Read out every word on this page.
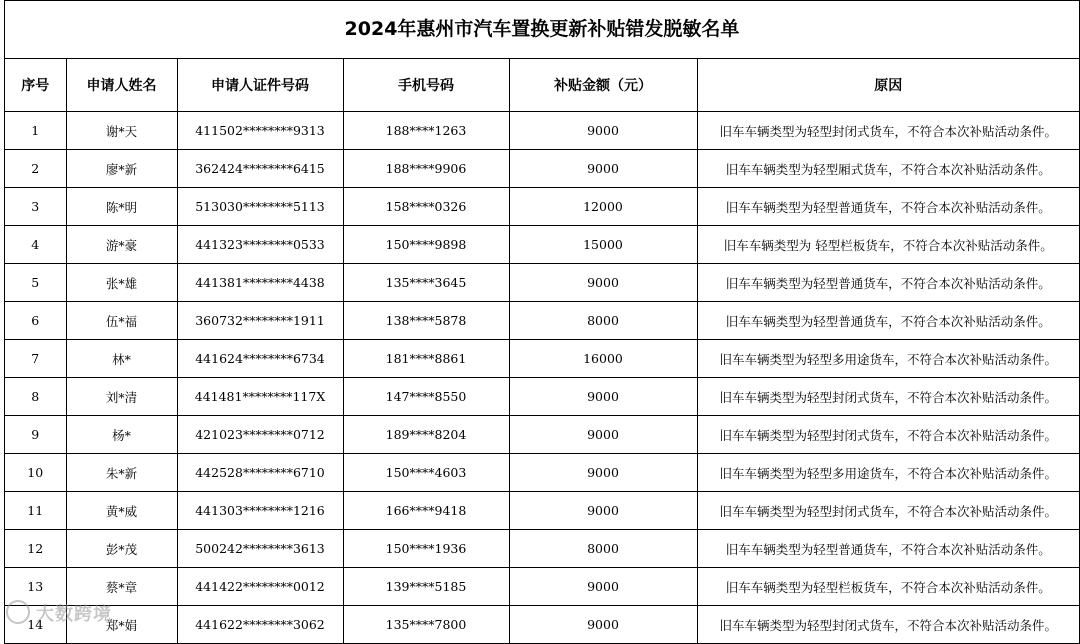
2024年惠州市汽车置换更新补贴错发脱敏名单
序号	申请人姓名	申请人证件号码	手机号码	补贴金额（元）	原因
1	谢*天	411502********9313	188****1263	9000	旧车车辆类型为轻型封闭式货车，不符合本次补贴活动条件。
2	廖*新	362424********6415	188****9906	9000	旧车车辆类型为轻型厢式货车，不符合本次补贴活动条件。
3	陈*明	513030********5113	158****0326	12000	旧车车辆类型为轻型普通货车，不符合本次补贴活动条件。
4	游*豪	441323********0533	150****9898	15000	旧车车辆类型为 轻型栏板货车，不符合本次补贴活动条件。
5	张*雄	441381********4438	135****3645	9000	旧车车辆类型为轻型普通货车，不符合本次补贴活动条件。
6	伍*福	360732********1911	138****5878	8000	旧车车辆类型为轻型普通货车，不符合本次补贴活动条件。
7	林*	441624********6734	181****8861	16000	旧车车辆类型为轻型多用途货车，不符合本次补贴活动条件。
8	刘*清	441481********117X	147****8550	9000	旧车车辆类型为轻型封闭式货车，不符合本次补贴活动条件。
9	杨*	421023********0712	189****8204	9000	旧车车辆类型为轻型封闭式货车，不符合本次补贴活动条件。
10	朱*新	442528********6710	150****4603	9000	旧车车辆类型为轻型多用途货车，不符合本次补贴活动条件。
11	黄*威	441303********1216	166****9418	9000	旧车车辆类型为轻型封闭式货车，不符合本次补贴活动条件。
12	彭*茂	500242********3613	150****1936	8000	旧车车辆类型为轻型普通货车，不符合本次补贴活动条件。
13	蔡*章	441422********0012	139****5185	9000	旧车车辆类型为轻型栏板货车，不符合本次补贴活动条件。
14	郑*娟	441622********3062	135****7800	9000	旧车车辆类型为轻型封闭式货车，不符合本次补贴活动条件。
大数跨境
